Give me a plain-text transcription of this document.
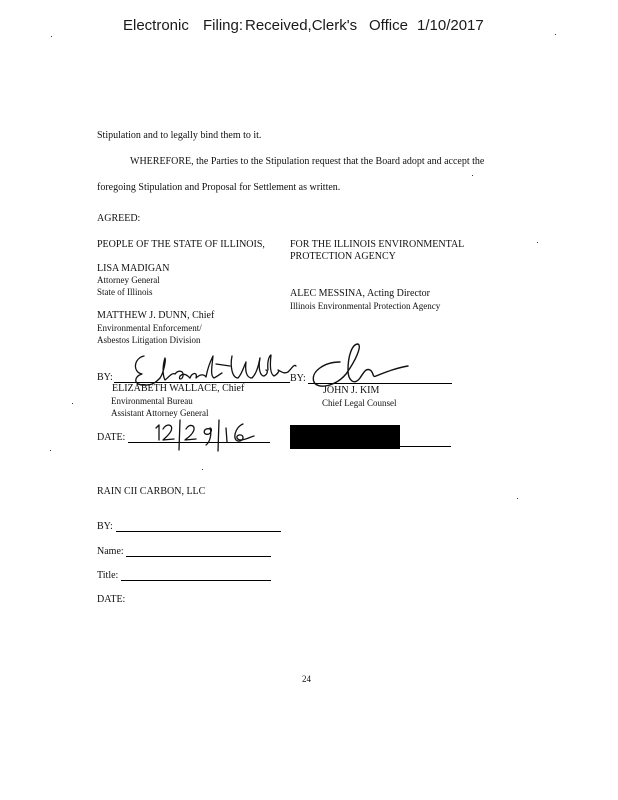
Electronic Filing: Received,Clerk's Office 1/10/2017
Stipulation and to legally bind them to it.
WHEREFORE, the Parties to the Stipulation request that the Board adopt and accept the
foregoing Stipulation and Proposal for Settlement as written.
AGREED:
PEOPLE OF THE STATE OF ILLINOIS,
LISA MADIGAN
Attorney General
State of Illinois
MATTHEW J. DUNN, Chief
Environmental Enforcement/
Asbestos Litigation Division
BY:
ELIZABETH WALLACE, Chief
Environmental Bureau
Assistant Attorney General
DATE:
FOR THE ILLINOIS ENVIRONMENTAL
PROTECTION AGENCY
ALEC MESSINA, Acting Director
Illinois Environmental Protection Agency
BY:
JOHN J. KIM
Chief Legal Counsel
RAIN CII CARBON, LLC
BY:
Name:
Title:
DATE:
24
